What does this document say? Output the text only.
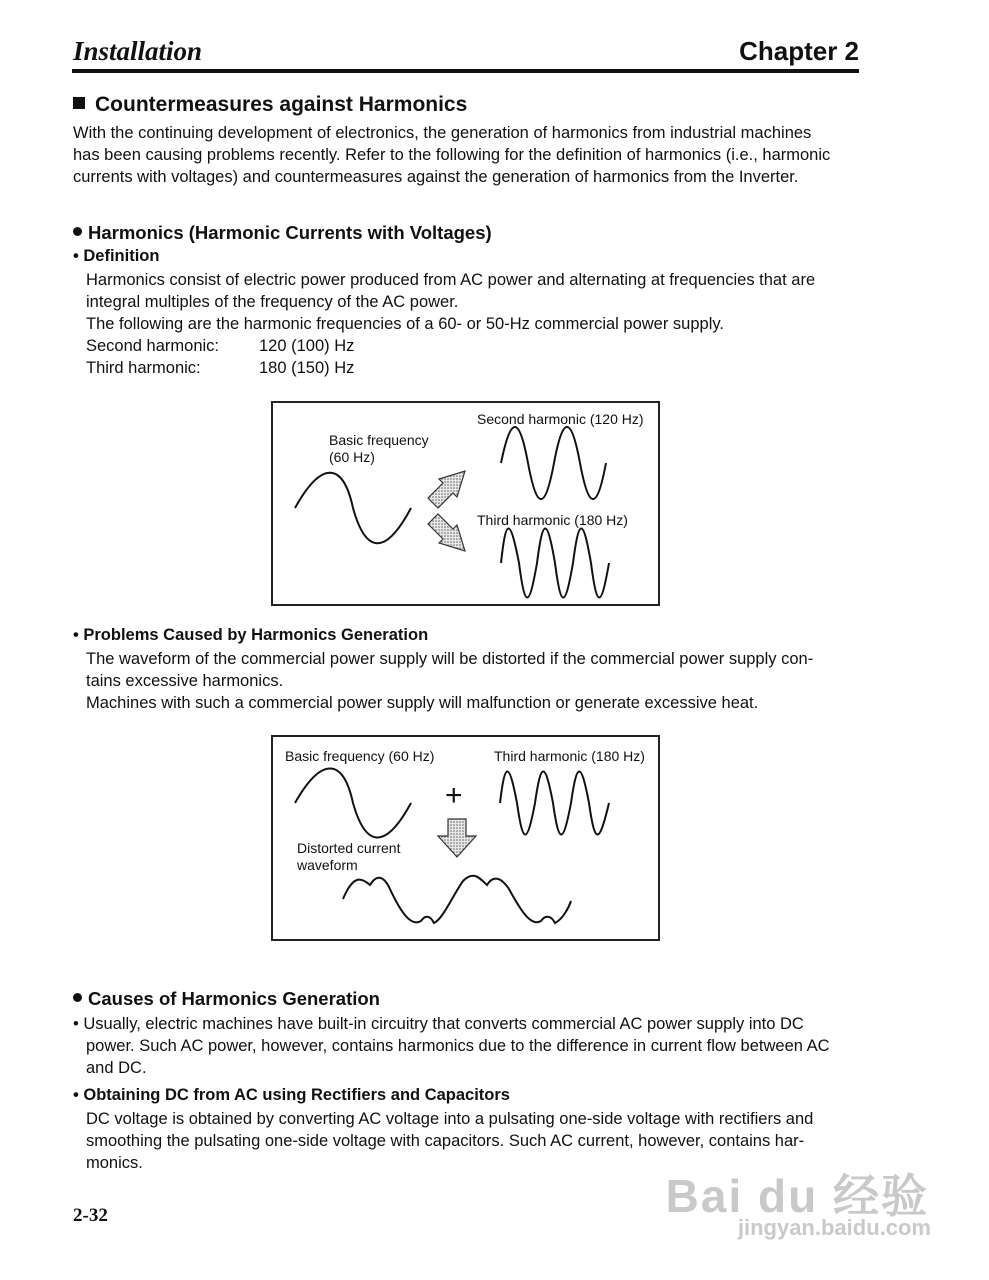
Installation	Chapter 2
Countermeasures against Harmonics
With the continuing development of electronics, the generation of harmonics from industrial machines
has been causing problems recently. Refer to the following for the definition of harmonics (i.e., harmonic
currents with voltages) and countermeasures against the generation of harmonics from the Inverter.
Harmonics (Harmonic Currents with Voltages)
• Definition
Harmonics consist of electric power produced from AC power and alternating at frequencies that are
integral multiples of the frequency of the AC power.
The following are the harmonic frequencies of a 60- or 50-Hz commercial power supply.
Second harmonic: 120 (100) Hz
Third harmonic:	180 (150) Hz
Basic frequency
(60 Hz)
Second harmonic (120 Hz)
Third harmonic (180 Hz)
• Problems Caused by Harmonics Generation
The waveform of the commercial power supply will be distorted if the commercial power supply con-
tains excessive harmonics.
Machines with such a commercial power supply will malfunction or generate excessive heat.
Basic frequency (60 Hz)	Third harmonic (180 Hz)
+
Distorted current
waveform
Causes of Harmonics Generation
• Usually, electric machines have built-in circuitry that converts commercial AC power supply into DC
power. Such AC power, however, contains harmonics due to the difference in current flow between AC
and DC.
• Obtaining DC from AC using Rectifiers and Capacitors
DC voltage is obtained by converting AC voltage into a pulsating one-side voltage with rectifiers and
smoothing the pulsating one-side voltage with capacitors. Such AC current, however, contains har-
monics.
2-32	Bai du 经验
jingyan.baidu.com
